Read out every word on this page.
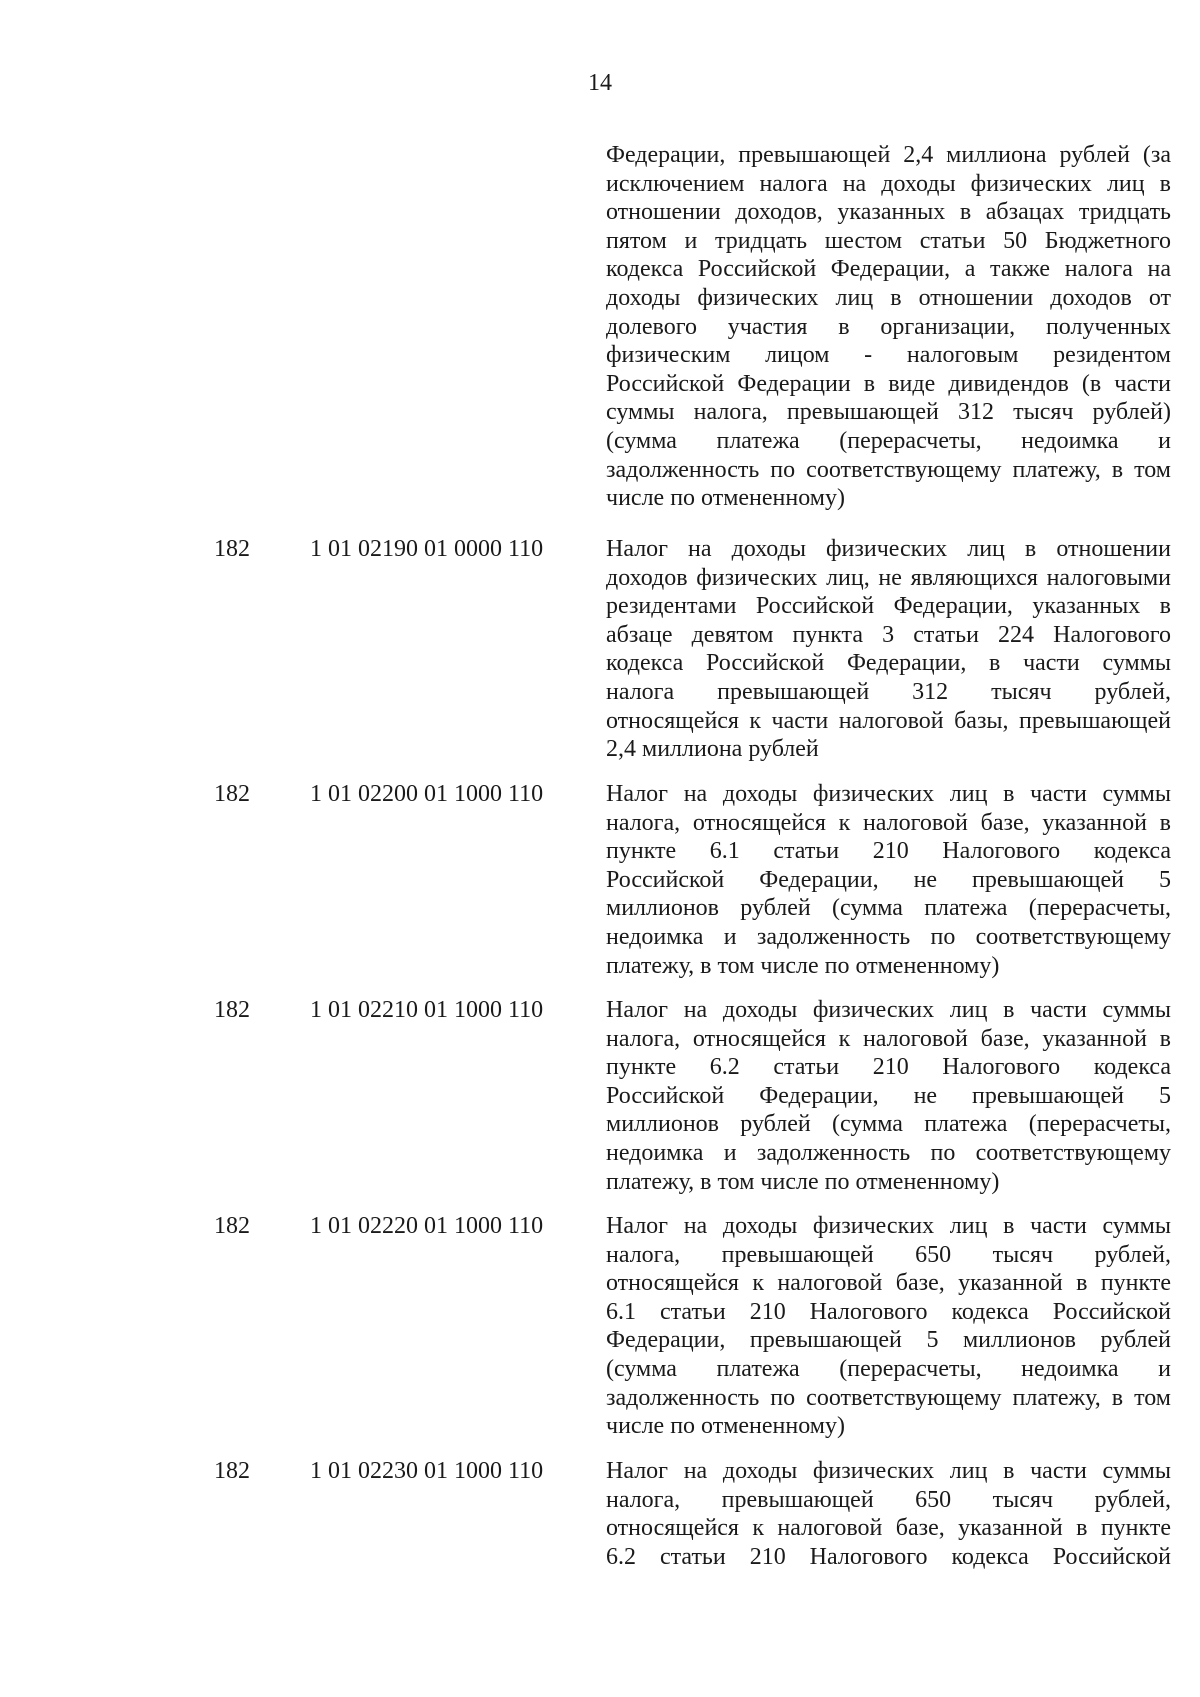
14
Федерации, превышающей 2,4 миллиона рублей (за
исключением налога на доходы физических лиц в
отношении доходов, указанных в абзацах тридцать
пятом и тридцать шестом статьи 50 Бюджетного
кодекса Российской Федерации, а также налога на
доходы физических лиц в отношении доходов от
долевого участия в организации, полученных
физическим лицом - налоговым резидентом
Российской Федерации в виде дивидендов (в части
суммы налога, превышающей 312 тысяч рублей)
(сумма платежа (перерасчеты, недоимка и
задолженность по соответствующему платежу, в том
числе по отмененному)
182	1 01 02190 01 0000 110	Налог на доходы физических лиц в отношении
доходов физических лиц, не являющихся налоговыми
резидентами Российской Федерации, указанных в
абзаце девятом пункта 3 статьи 224 Налогового
кодекса Российской Федерации, в части суммы
налога превышающей 312 тысяч рублей,
относящейся к части налоговой базы, превышающей
2,4 миллиона рублей
182	1 01 02200 01 1000 110	Налог на доходы физических лиц в части суммы
налога, относящейся к налоговой базе, указанной в
пункте 6.1 статьи 210 Налогового кодекса
Российской Федерации, не превышающей 5
миллионов рублей (сумма платежа (перерасчеты,
недоимка и задолженность по соответствующему
платежу, в том числе по отмененному)
182	1 01 02210 01 1000 110	Налог на доходы физических лиц в части суммы
налога, относящейся к налоговой базе, указанной в
пункте 6.2 статьи 210 Налогового кодекса
Российской Федерации, не превышающей 5
миллионов рублей (сумма платежа (перерасчеты,
недоимка и задолженность по соответствующему
платежу, в том числе по отмененному)
182	1 01 02220 01 1000 110	Налог на доходы физических лиц в части суммы
налога, превышающей 650 тысяч рублей,
относящейся к налоговой базе, указанной в пункте
6.1 статьи 210 Налогового кодекса Российской
Федерации, превышающей 5 миллионов рублей
(сумма платежа (перерасчеты, недоимка и
задолженность по соответствующему платежу, в том
числе по отмененному)
182	1 01 02230 01 1000 110	Налог на доходы физических лиц в части суммы
налога, превышающей 650 тысяч рублей,
относящейся к налоговой базе, указанной в пункте
6.2 статьи 210 Налогового кодекса Российской
